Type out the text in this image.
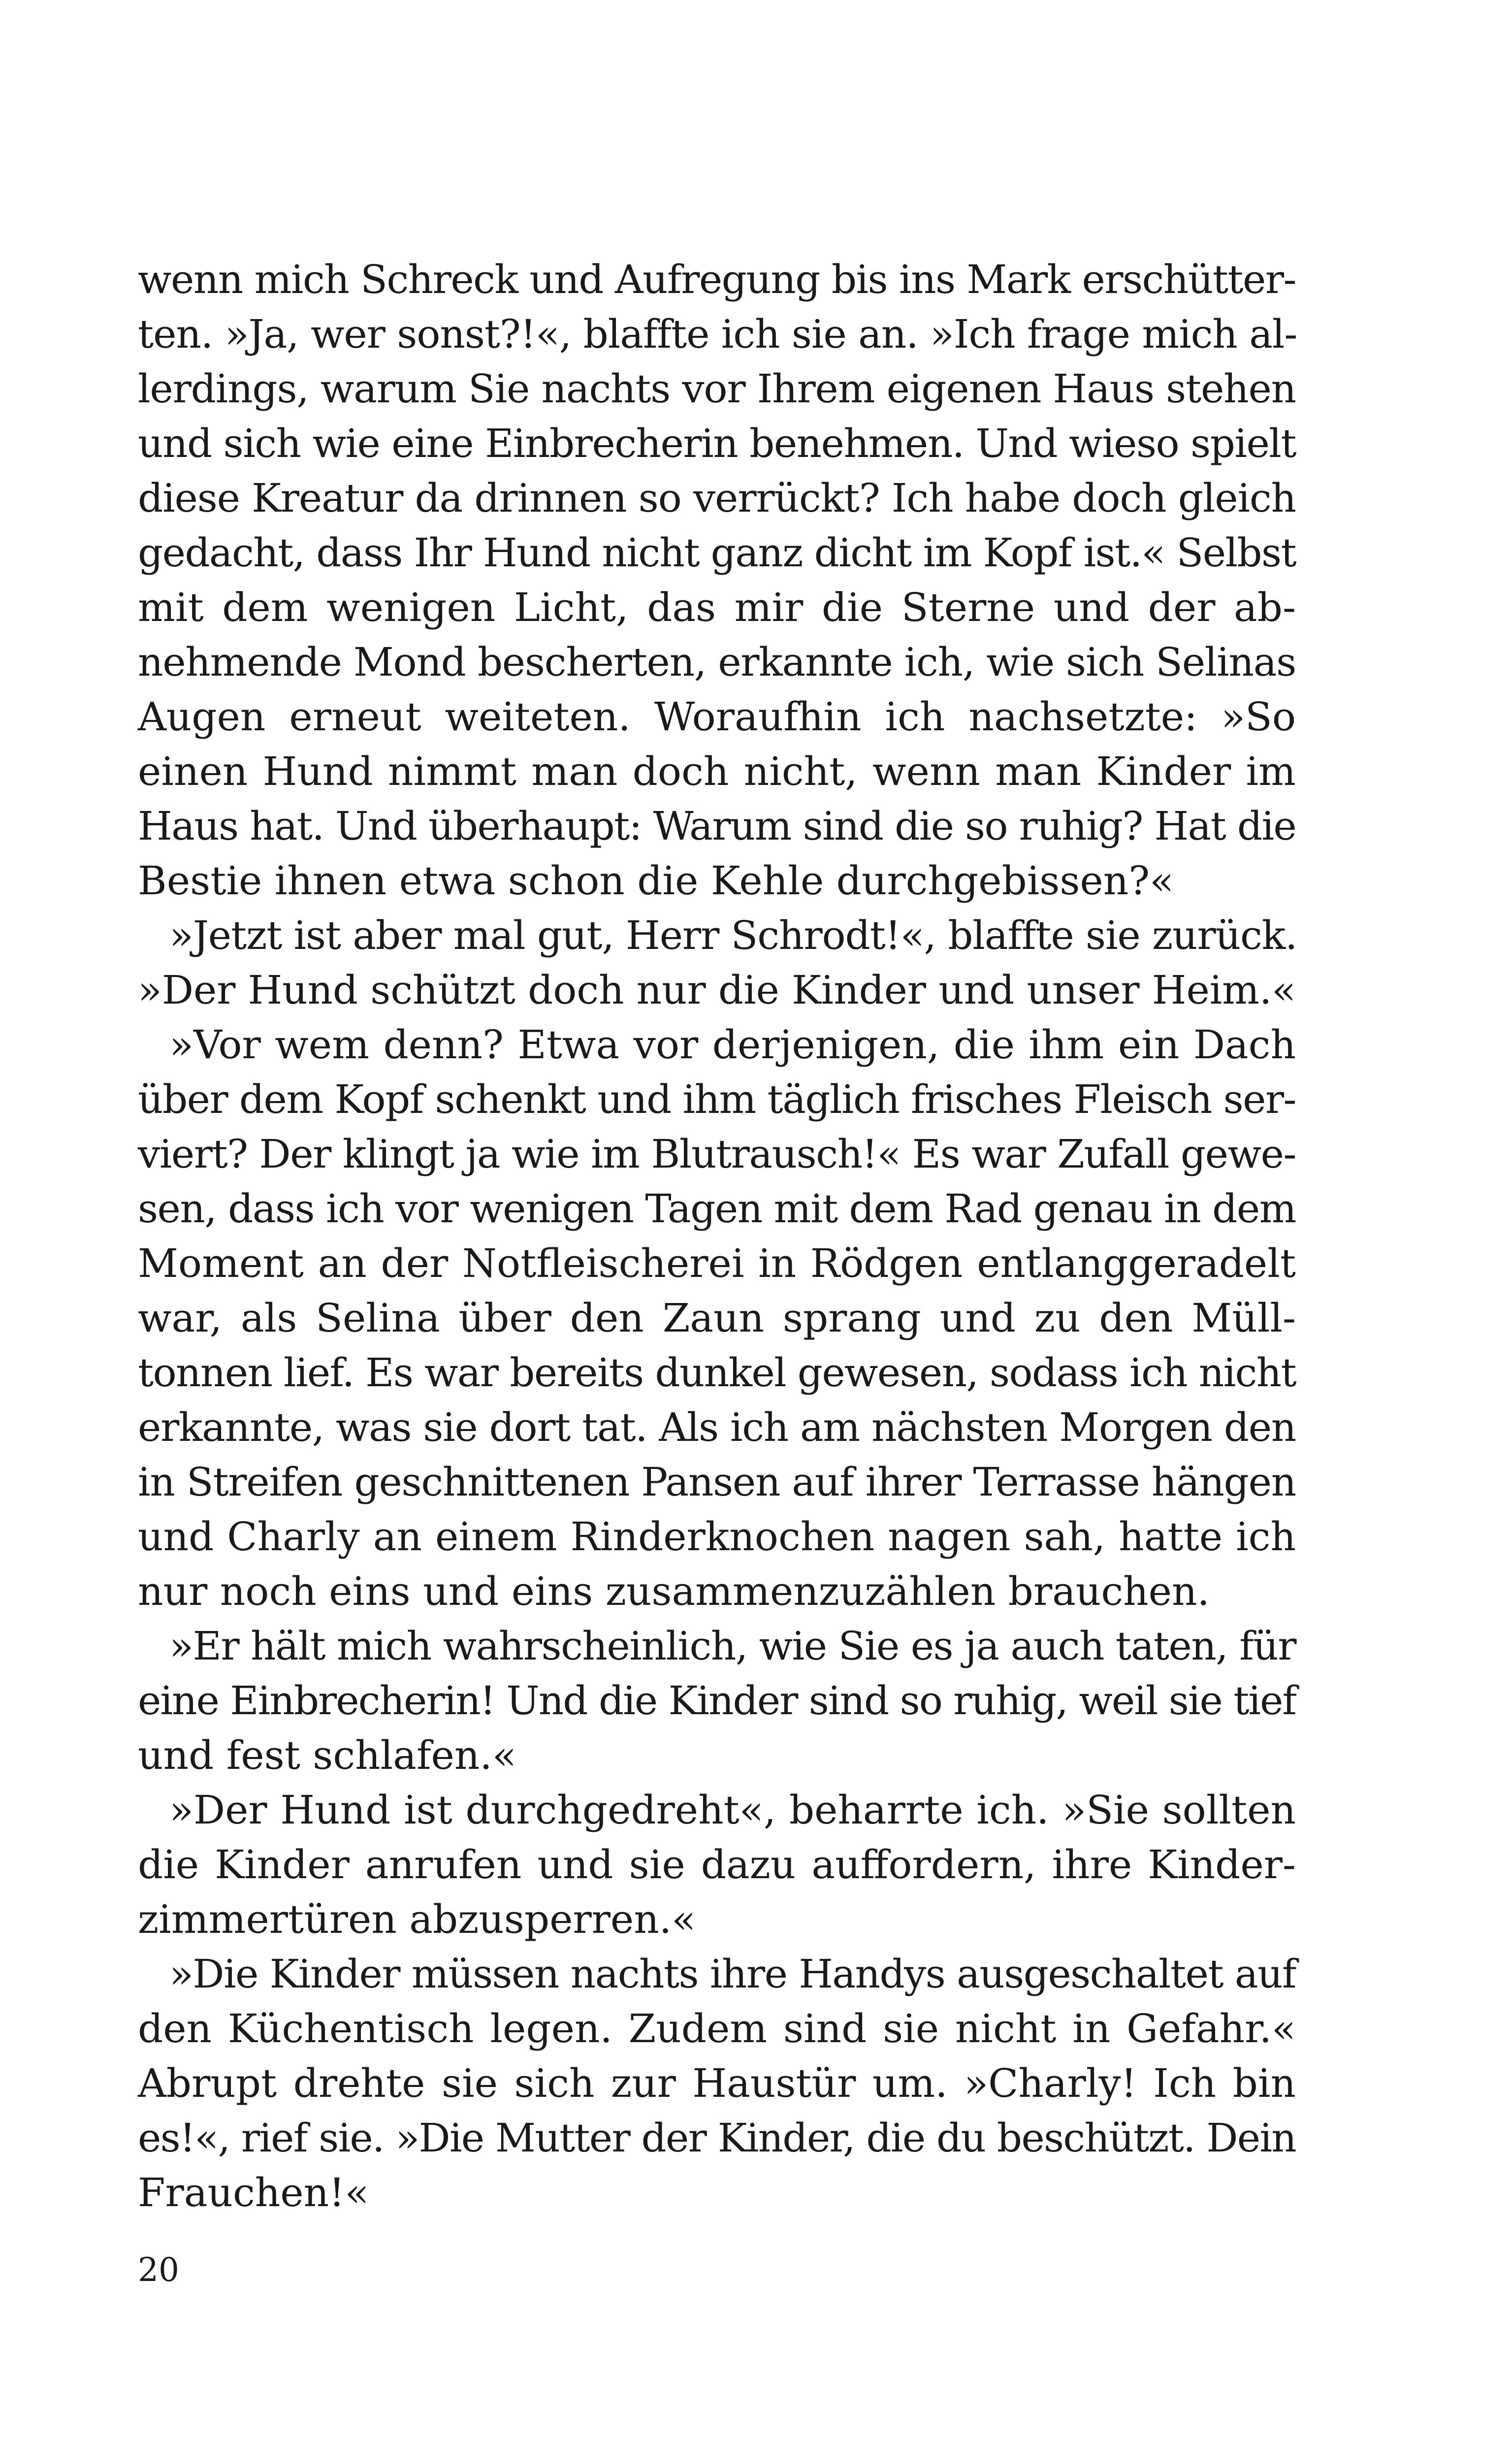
wenn mich Schreck und Aufregung bis ins Mark erschütter-
ten. »Ja, wer sonst?!«, blaffte ich sie an. »Ich frage mich al-
lerdings, warum Sie nachts vor Ihrem eigenen Haus stehen
und sich wie eine Einbrecherin benehmen. Und wieso spielt
diese Kreatur da drinnen so verrückt? Ich habe doch gleich
gedacht, dass Ihr Hund nicht ganz dicht im Kopf ist.« Selbst
mit dem wenigen Licht, das mir die Sterne und der ab-
nehmende Mond bescherten, erkannte ich, wie sich Selinas
Augen erneut weiteten. Woraufhin ich nachsetzte: »So
einen Hund nimmt man doch nicht, wenn man Kinder im
Haus hat. Und überhaupt: Warum sind die so ruhig? Hat die
Bestie ihnen etwa schon die Kehle durchgebissen?«
»Jetzt ist aber mal gut, Herr Schrodt!«, blaffte sie zurück.
»Der Hund schützt doch nur die Kinder und unser Heim.«
»Vor wem denn? Etwa vor derjenigen, die ihm ein Dach
über dem Kopf schenkt und ihm täglich frisches Fleisch ser-
viert? Der klingt ja wie im Blutrausch!« Es war Zufall gewe-
sen, dass ich vor wenigen Tagen mit dem Rad genau in dem
Moment an der Notfleischerei in Rödgen entlanggeradelt
war, als Selina über den Zaun sprang und zu den Müll-
tonnen lief. Es war bereits dunkel gewesen, sodass ich nicht
erkannte, was sie dort tat. Als ich am nächsten Morgen den
in Streifen geschnittenen Pansen auf ihrer Terrasse hängen
und Charly an einem Rinderknochen nagen sah, hatte ich
nur noch eins und eins zusammenzuzählen brauchen.
»Er hält mich wahrscheinlich, wie Sie es ja auch taten, für
eine Einbrecherin! Und die Kinder sind so ruhig, weil sie tief
und fest schlafen.«
»Der Hund ist durchgedreht«, beharrte ich. »Sie sollten
die Kinder anrufen und sie dazu auffordern, ihre Kinder-
zimmertüren abzusperren.«
»Die Kinder müssen nachts ihre Handys ausgeschaltet auf
den Küchentisch legen. Zudem sind sie nicht in Gefahr.«
Abrupt drehte sie sich zur Haustür um. »Charly! Ich bin
es!«, rief sie. »Die Mutter der Kinder, die du beschützt. Dein
Frauchen!«
20
